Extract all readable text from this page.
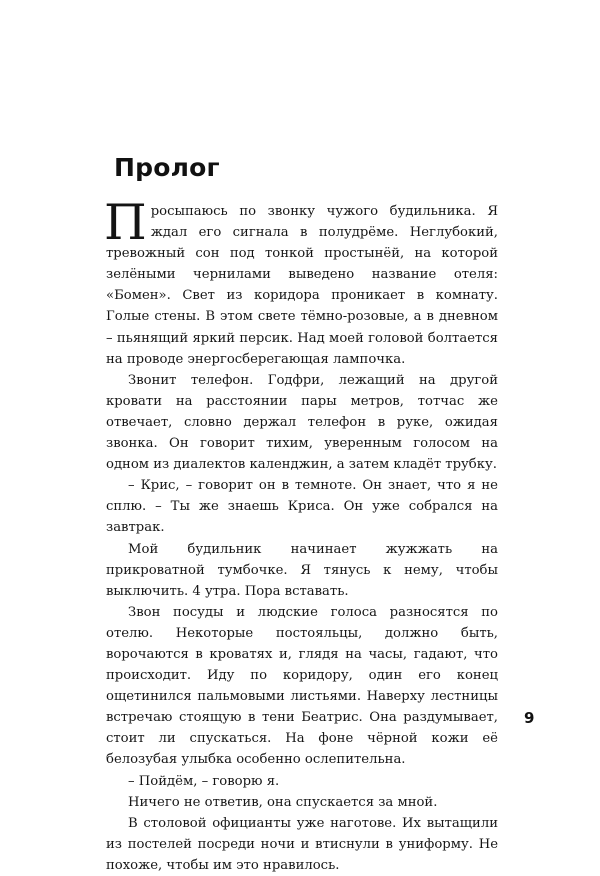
Пролог

Просыпаюсь по звонку чужого будильника. Я ждал его сигнала в полудрёме. Неглубокий, тревожный сон под тонкой простынёй, на которой зелёными чернилами выведено название отеля: «Бомен». Свет из коридора проникает в комнату. Голые стены. В этом свете тёмно-розовые, а в дневном – пьянящий яркий персик. Над моей головой болтается на проводе энергосберегающая лампочка.

Звонит телефон. Годфри, лежащий на другой кровати на расстоянии пары метров, тотчас же отвечает, словно держал телефон в руке, ожидая звонка. Он говорит тихим, уверенным голосом на одном из диалектов календжин, а затем кладёт трубку.

– Крис, – говорит он в темноте. Он знает, что я не сплю. – Ты же знаешь Криса. Он уже собрался на завтрак.

Мой будильник начинает жужжать на прикроватной тумбочке. Я тянусь к нему, чтобы выключить. 4 утра. Пора вставать.

Звон посуды и людские голоса разносятся по отелю. Некоторые постояльцы, должно быть, ворочаются в кроватях и, глядя на часы, гадают, что происходит. Иду по коридору, один его конец ощетинился пальмовыми листьями. Наверху лестницы встречаю стоящую в тени Беатрис. Она раздумывает, стоит ли спускаться. На фоне чёрной кожи её белозубая улыбка особенно ослепительна.

– Пойдём, – говорю я.

Ничего не ответив, она спускается за мной.

В столовой официанты уже наготове. Их вытащили из постелей посреди ночи и втиснули в униформу. Не похоже, чтобы им это нравилось.

9
